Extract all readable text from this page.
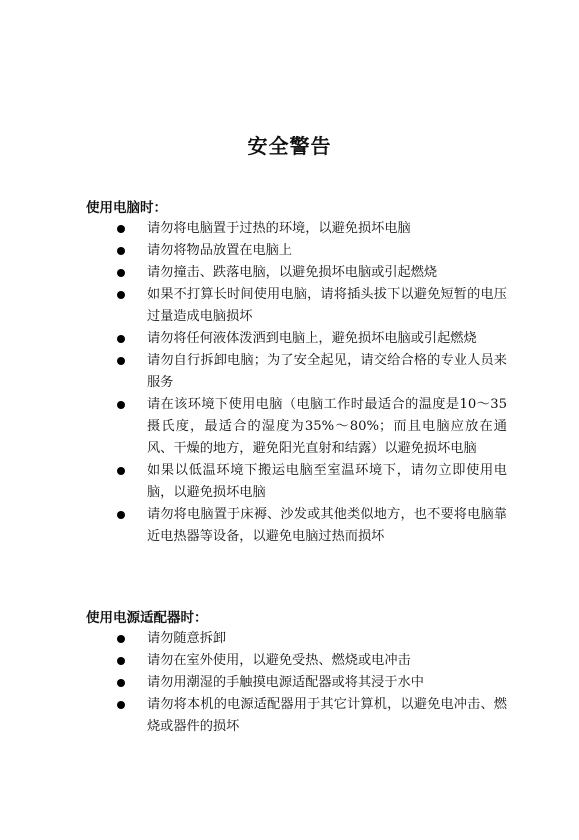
安全警告
使用电脑时：
请勿将电脑置于过热的环境，以避免损坏电脑
请勿将物品放置在电脑上
请勿撞击、跌落电脑，以避免损坏电脑或引起燃烧
如果不打算长时间使用电脑，请将插头拔下以避免短暂的电压过量造成电脑损坏
请勿将任何液体泼洒到电脑上，避免损坏电脑或引起燃烧
请勿自行拆卸电脑；为了安全起见，请交给合格的专业人员来服务
请在该环境下使用电脑（电脑工作时最适合的温度是10～35摄氏度，最适合的湿度为35%～80%；而且电脑应放在通风、干燥的地方，避免阳光直射和结露）以避免损坏电脑
如果以低温环境下搬运电脑至室温环境下，请勿立即使用电脑，以避免损坏电脑
请勿将电脑置于床褥、沙发或其他类似地方，也不要将电脑靠近电热器等设备，以避免电脑过热而损坏
使用电源适配器时：
请勿随意拆卸
请勿在室外使用，以避免受热、燃烧或电冲击
请勿用潮湿的手触摸电源适配器或将其浸于水中
请勿将本机的电源适配器用于其它计算机，以避免电冲击、燃烧或器件的损坏
